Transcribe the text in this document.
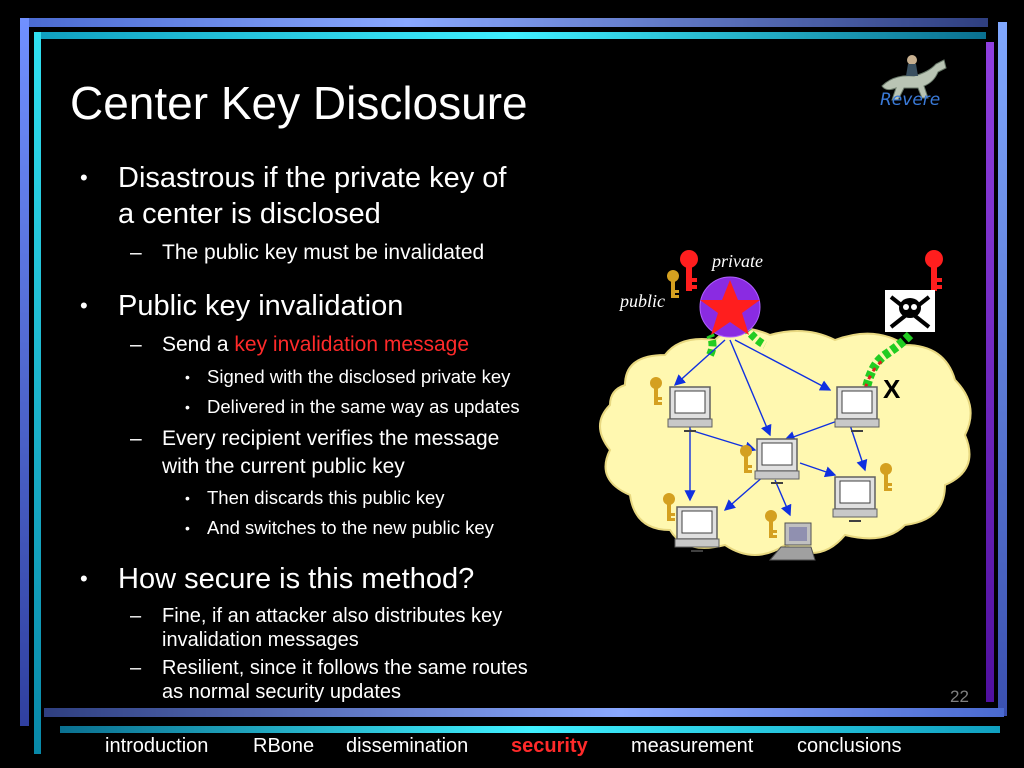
Center Key Disclosure	Revere
• Disastrous if the private key of
a center is disclosed
– The public key must be invalidated
• Public key invalidation
– Send a key invalidation message
• Signed with the disclosed private key
• Delivered in the same way as updates
– Every recipient verifies the message
with the current public key
• Then discards this public key
• And switches to the new public key
• How secure is this method?
– Fine, if an attacker also distributes key
invalidation messages
– Resilient, since it follows the same routes
as normal security updates
private
public
X
22
introduction RBone dissemination security measurement conclusions
